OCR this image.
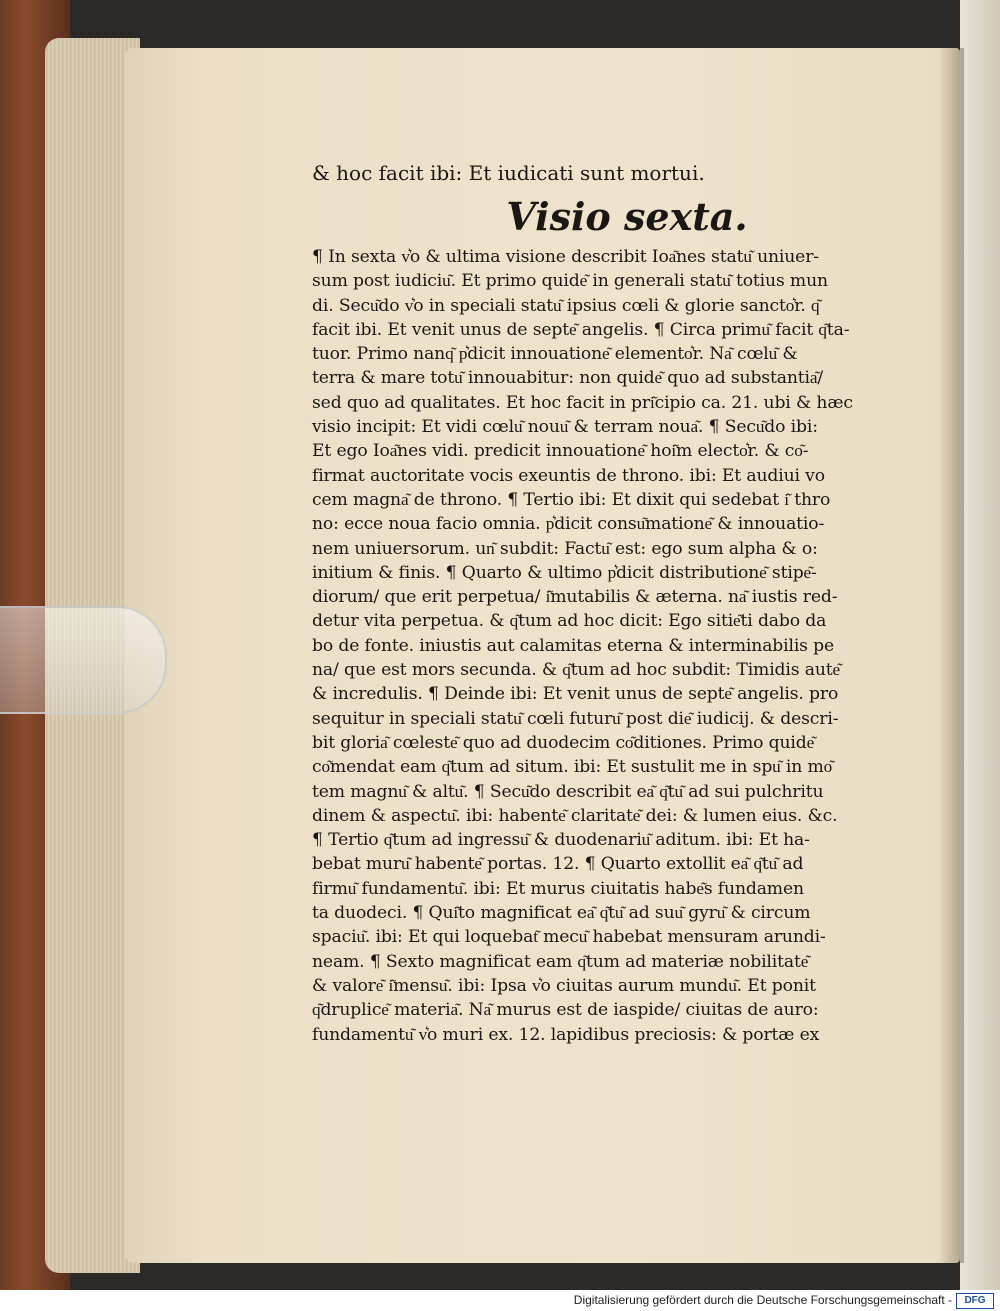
& hoc facit ibi: Et iudicati sunt mortui.
Visio sexta.
¶ In sexta v͛o & ultima visione describit Ioa͂nes statu͂ uniuer-
sum post iudiciu͂. Et primo quide͂ in generali statu͂ totius mun
di. Secu͂do v͛o in speciali statu͂ ipsius cœli & glorie sancto͛r. q͂
facit ibi. Et venit unus de septe͂ angelis. ¶ Circa primu͂ facit q͂ta-
tuor. Primo nanq͂ p͛dicit innouatione͂ elemento͛r. Na͂ cœlu͂ &
terra & mare totu͂ innouabitur: non quide͂ quo ad substantia͂/
sed quo ad qualitates. Et hoc facit in pri͂cipio ca. 21. ubi & hæc
visio incipit: Et vidi cœlu͂ nouu͂ & terram noua͂. ¶ Secu͂do ibi:
Et ego Ioa͂nes vidi. predicit innouatione͂ hoi͂m electo͛r. & co͂-
firmat auctoritate vocis exeuntis de throno. ibi: Et audiui vo
cem magna͂ de throno. ¶ Tertio ibi: Et dixit qui sedebat i͂ thro
no: ecce noua facio omnia. p͛dicit consu͂matione͂ & innouatio-
nem uniuersorum. un͂ subdit: Factu͂ est: ego sum alpha & o:
initium & finis. ¶ Quarto & ultimo p͛dicit distributione͂ stipe͂-
diorum/ que erit perpetua/ i͂mutabilis & æterna. na͂ iustis red-
detur vita perpetua. & q͂tum ad hoc dicit: Ego sitie͂ti dabo da
bo de fonte. iniustis aut calamitas eterna & interminabilis pe
na/ que est mors secunda. & q͂tum ad hoc subdit: Timidis aute͂
& incredulis. ¶ Deinde ibi: Et venit unus de septe͂ angelis. pro
sequitur in speciali statu͂ cœli futuru͂ post die͂ iudicij. & descri-
bit gloria͂ cœleste͂ quo ad duodecim co͂ditiones. Primo quide͂
co͂mendat eam q͂tum ad situm. ibi: Et sustulit me in spu͂ in mo͂
tem magnu͂ & altu͂. ¶ Secu͂do describit ea͂ q͂tu͂ ad sui pulchritu
dinem & aspectu͂. ibi: habente͂ claritate͂ dei: & lumen eius. &c.
¶ Tertio q͂tum ad ingressu͂ & duodenariu͂ aditum. ibi: Et ha-
bebat muru͂ habente͂ portas. 12. ¶ Quarto extollit ea͂ q͂tu͂ ad
firmu͂ fundamentu͂. ibi: Et murus ciuitatis habe͂s fundamen
ta duodeci. ¶ Qui͂to magnificat ea͂ q͂tu͂ ad suu͂ gyru͂ & circum
spaciu͂. ibi: Et qui loquebat͂ mecu͂ habebat mensuram arundi-
neam. ¶ Sexto magnificat eam q͂tum ad materiæ nobilitate͂
& valore͂ i͂mensu͂. ibi: Ipsa v͛o ciuitas aurum mundu͂. Et ponit
q͂druplice͂ materia͂. Na͂ murus est de iaspide/ ciuitas de auro:
fundamentu͂ v͛o muri ex. 12. lapidibus preciosis: & portæ ex
Digitalisierung gefördert durch die Deutsche Forschungsgemeinschaft -	DFG
